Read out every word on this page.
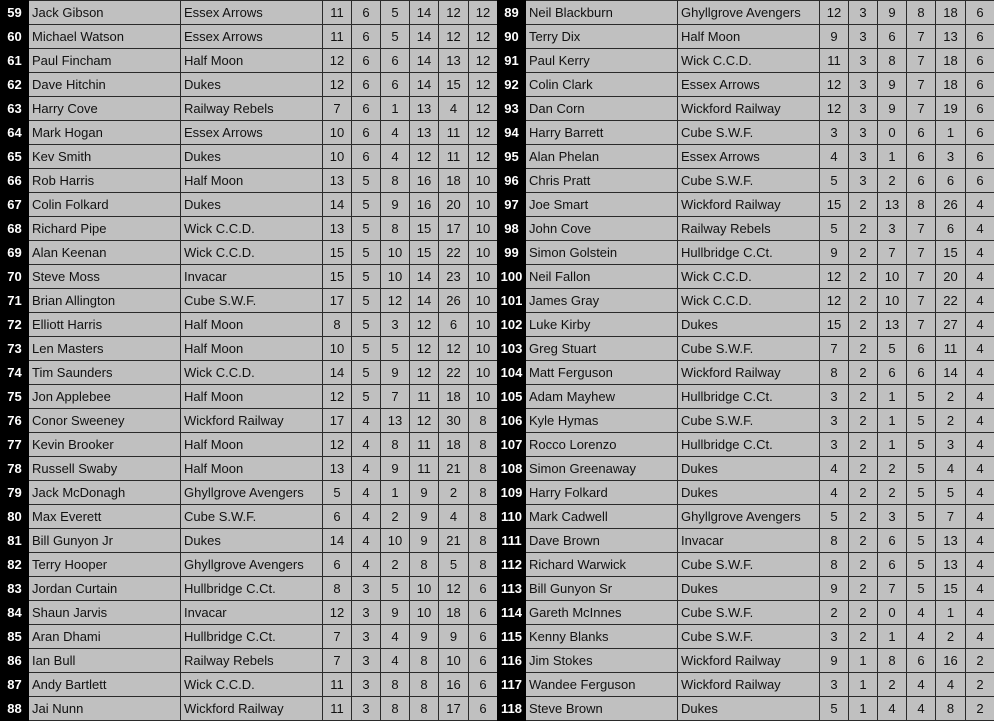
59	Jack Gibson	Essex Arrows	11	6	5	14	12	12
60	Michael Watson	Essex Arrows	11	6	5	14	12	12
61	Paul Fincham	Half Moon	12	6	6	14	13	12
62	Dave Hitchin	Dukes	12	6	6	14	15	12
63	Harry Cove	Railway Rebels	7	6	1	13	4	12
64	Mark Hogan	Essex Arrows	10	6	4	13	11	12
65	Kev Smith	Dukes	10	6	4	12	11	12
66	Rob Harris	Half Moon	13	5	8	16	18	10
67	Colin Folkard	Dukes	14	5	9	16	20	10
68	Richard Pipe	Wick C.C.D.	13	5	8	15	17	10
69	Alan Keenan	Wick C.C.D.	15	5	10	15	22	10
70	Steve Moss	Invacar	15	5	10	14	23	10
71	Brian Allington	Cube S.W.F.	17	5	12	14	26	10
72	Elliott Harris	Half Moon	8	5	3	12	6	10
73	Len Masters	Half Moon	10	5	5	12	12	10
74	Tim Saunders	Wick C.C.D.	14	5	9	12	22	10
75	Jon Applebee	Half Moon	12	5	7	11	18	10
76	Conor Sweeney	Wickford Railway	17	4	13	12	30	8
77	Kevin Brooker	Half Moon	12	4	8	11	18	8
78	Russell Swaby	Half Moon	13	4	9	11	21	8
79	Jack McDonagh	Ghyllgrove Avengers	5	4	1	9	2	8
80	Max Everett	Cube S.W.F.	6	4	2	9	4	8
81	Bill Gunyon Jr	Dukes	14	4	10	9	21	8
82	Terry Hooper	Ghyllgrove Avengers	6	4	2	8	5	8
83	Jordan Curtain	Hullbridge C.Ct.	8	3	5	10	12	6
84	Shaun Jarvis	Invacar	12	3	9	10	18	6
85	Aran Dhami	Hullbridge C.Ct.	7	3	4	9	9	6
86	Ian Bull	Railway Rebels	7	3	4	8	10	6
87	Andy Bartlett	Wick C.C.D.	11	3	8	8	16	6
88	Jai Nunn	Wickford Railway	11	3	8	8	17	6
89	Neil Blackburn	Ghyllgrove Avengers	12	3	9	8	18	6
90	Terry Dix	Half Moon	9	3	6	7	13	6
91	Paul Kerry	Wick C.C.D.	11	3	8	7	18	6
92	Colin Clark	Essex Arrows	12	3	9	7	18	6
93	Dan Corn	Wickford Railway	12	3	9	7	19	6
94	Harry Barrett	Cube S.W.F.	3	3	0	6	1	6
95	Alan Phelan	Essex Arrows	4	3	1	6	3	6
96	Chris Pratt	Cube S.W.F.	5	3	2	6	6	6
97	Joe Smart	Wickford Railway	15	2	13	8	26	4
98	John Cove	Railway Rebels	5	2	3	7	6	4
99	Simon Golstein	Hullbridge C.Ct.	9	2	7	7	15	4
100	Neil Fallon	Wick C.C.D.	12	2	10	7	20	4
101	James Gray	Wick C.C.D.	12	2	10	7	22	4
102	Luke Kirby	Dukes	15	2	13	7	27	4
103	Greg Stuart	Cube S.W.F.	7	2	5	6	11	4
104	Matt Ferguson	Wickford Railway	8	2	6	6	14	4
105	Adam Mayhew	Hullbridge C.Ct.	3	2	1	5	2	4
106	Kyle Hymas	Cube S.W.F.	3	2	1	5	2	4
107	Rocco Lorenzo	Hullbridge C.Ct.	3	2	1	5	3	4
108	Simon Greenaway	Dukes	4	2	2	5	4	4
109	Harry Folkard	Dukes	4	2	2	5	5	4
110	Mark Cadwell	Ghyllgrove Avengers	5	2	3	5	7	4
111	Dave Brown	Invacar	8	2	6	5	13	4
112	Richard Warwick	Cube S.W.F.	8	2	6	5	13	4
113	Bill Gunyon Sr	Dukes	9	2	7	5	15	4
114	Gareth McInnes	Cube S.W.F.	2	2	0	4	1	4
115	Kenny Blanks	Cube S.W.F.	3	2	1	4	2	4
116	Jim Stokes	Wickford Railway	9	1	8	6	16	2
117	Wandee Ferguson	Wickford Railway	3	1	2	4	4	2
118	Steve Brown	Dukes	5	1	4	4	8	2
